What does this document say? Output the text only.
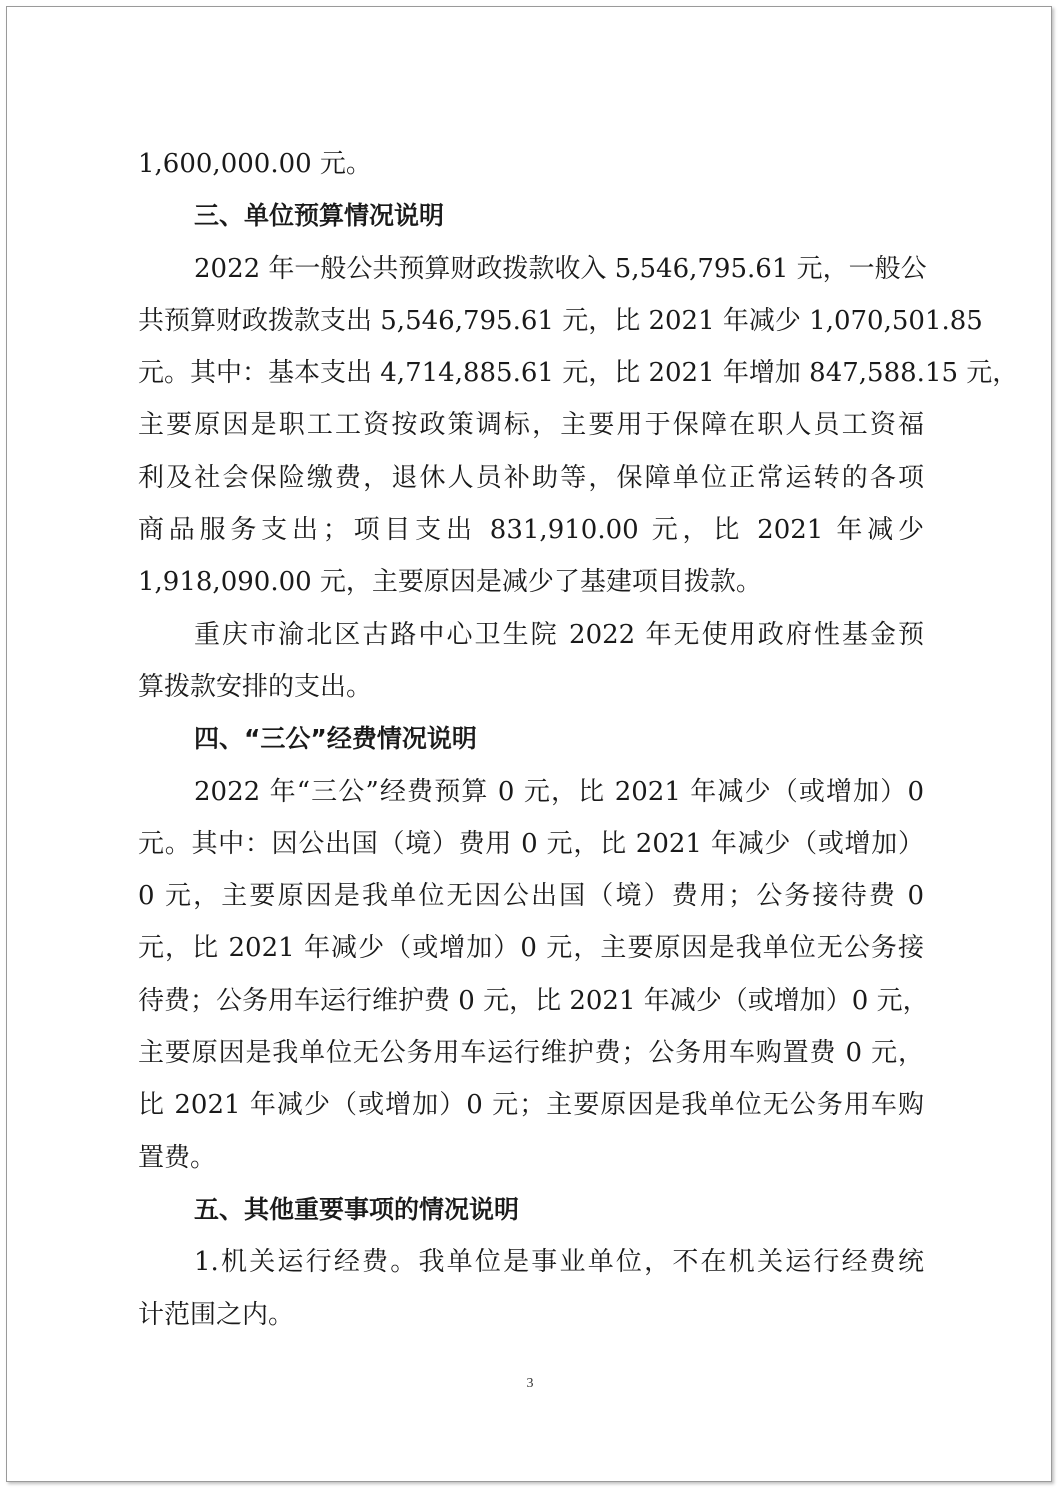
1,600,000.00 元。
三、单位预算情况说明
2022 年一般公共预算财政拨款收入 5,546,795.61 元，一般公
共预算财政拨款支出 5,546,795.61 元，比 2021 年减少 1,070,501.85
元。其中：基本支出 4,714,885.61 元，比 2021 年增加 847,588.15 元，
主要原因是职工工资按政策调标，主要用于保障在职人员工资福
利及社会保险缴费，退休人员补助等，保障单位正常运转的各项
商品服务支出；项目支出 831,910.00 元，比 2021 年减少
1,918,090.00 元，主要原因是减少了基建项目拨款。
重庆市渝北区古路中心卫生院 2022 年无使用政府性基金预
算拨款安排的支出。
四、“三公”经费情况说明
2022 年“三公”经费预算 0 元，比 2021 年减少（或增加）0
元。其中：因公出国（境）费用 0 元，比 2021 年减少（或增加）
0 元，主要原因是我单位无因公出国（境）费用；公务接待费 0
元，比 2021 年减少（或增加）0 元，主要原因是我单位无公务接
待费；公务用车运行维护费 0 元，比 2021 年减少（或增加）0 元，
主要原因是我单位无公务用车运行维护费；公务用车购置费 0 元，
比 2021 年减少（或增加）0 元；主要原因是我单位无公务用车购
置费。
五、其他重要事项的情况说明
1.机关运行经费。我单位是事业单位，不在机关运行经费统
计范围之内。
3
